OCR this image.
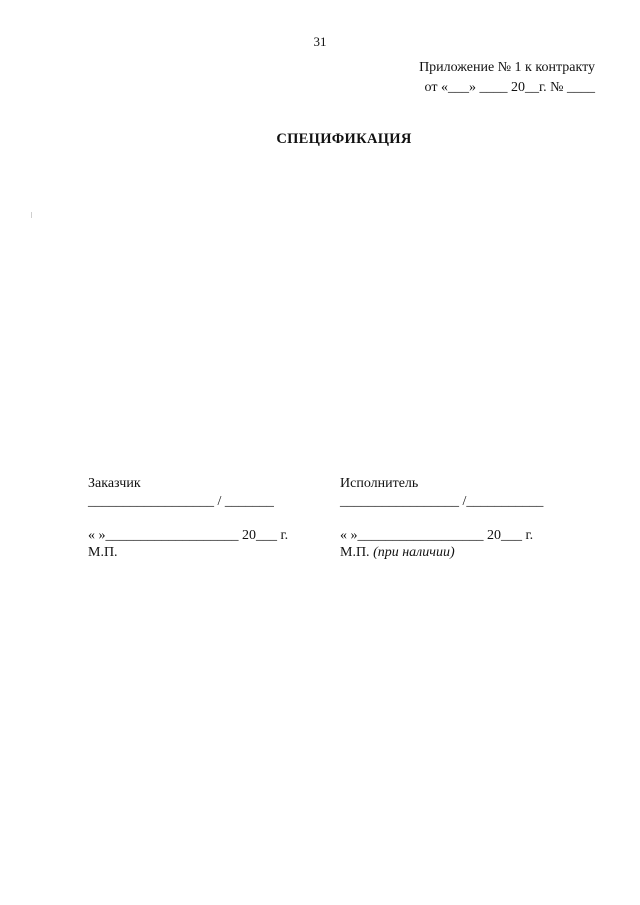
31
Приложение № 1 к контракту
от «___» ____ 20__г. № ____
СПЕЦИФИКАЦИЯ
Заказчик
__________________ / _______
« »___________________ 20___ г.
М.П.
Исполнитель
_________________ /___________
« »__________________ 20___ г.
М.П. (при наличии)
